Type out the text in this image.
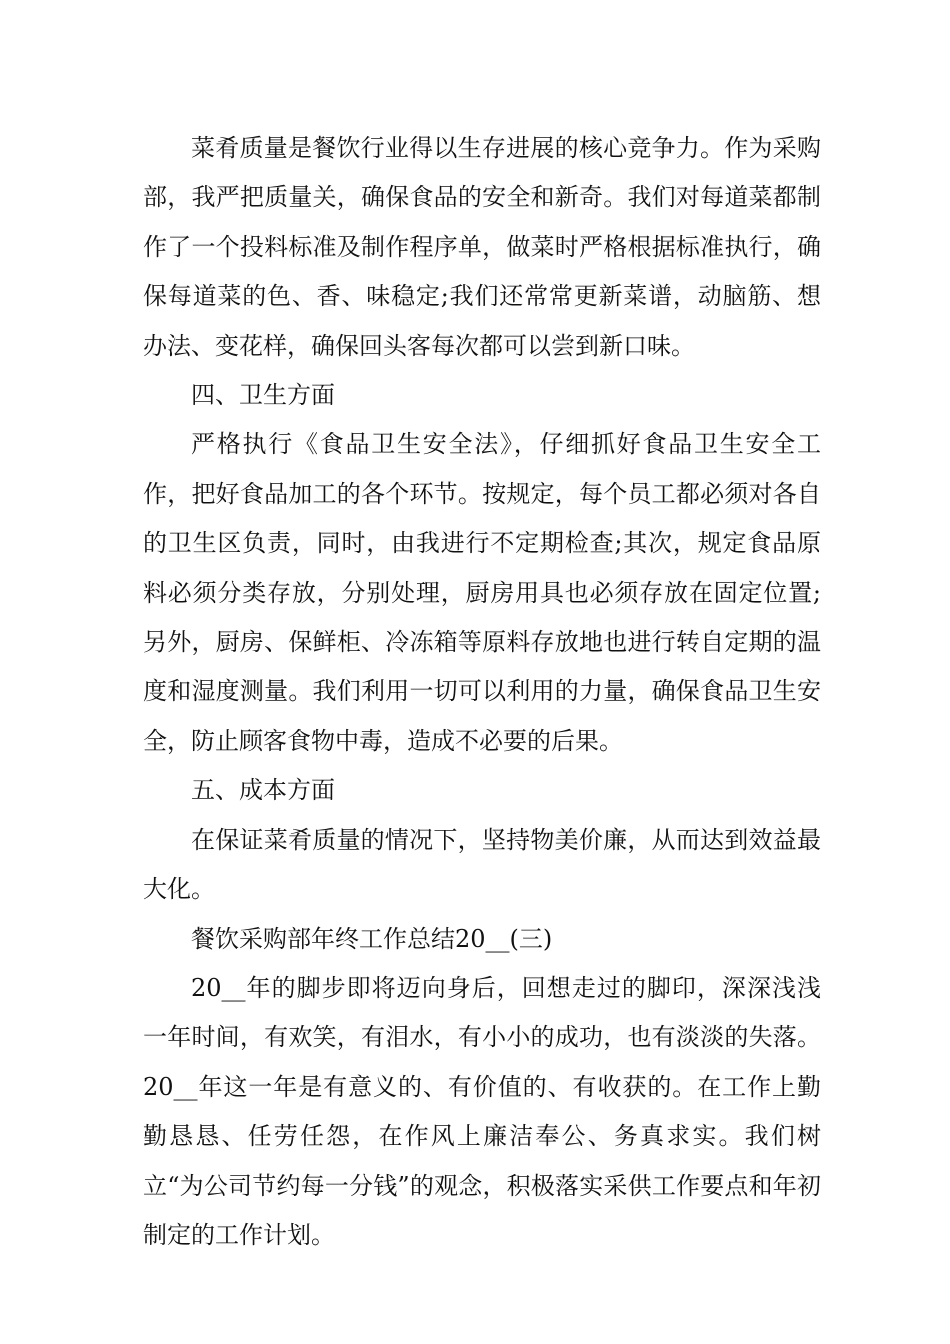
菜肴质量是餐饮行业得以生存进展的核心竞争力。作为采购部，我严把质量关，确保食品的安全和新奇。我们对每道菜都制作了一个投料标准及制作程序单，做菜时严格根据标准执行，确保每道菜的色、香、味稳定;我们还常常更新菜谱，动脑筋、想办法、变花样，确保回头客每次都可以尝到新口味。

四、卫生方面

严格执行《食品卫生安全法》，仔细抓好食品卫生安全工作，把好食品加工的各个环节。按规定，每个员工都必须对各自的卫生区负责，同时，由我进行不定期检查;其次，规定食品原料必须分类存放，分别处理，厨房用具也必须存放在固定位置;另外，厨房、保鲜柜、冷冻箱等原料存放地也进行转自定期的温度和湿度测量。我们利用一切可以利用的力量，确保食品卫生安全，防止顾客食物中毒，造成不必要的后果。

五、成本方面

在保证菜肴质量的情况下，坚持物美价廉，从而达到效益最大化。

餐饮采购部年终工作总结20__(三)

20__年的脚步即将迈向身后，回想走过的脚印，深深浅浅一年时间，有欢笑，有泪水，有小小的成功，也有淡淡的失落。20__年这一年是有意义的、有价值的、有收获的。在工作上勤勤恳恳、任劳任怨，在作风上廉洁奉公、务真求实。我们树立“为公司节约每一分钱”的观念，积极落实采供工作要点和年初制定的工作计划。
